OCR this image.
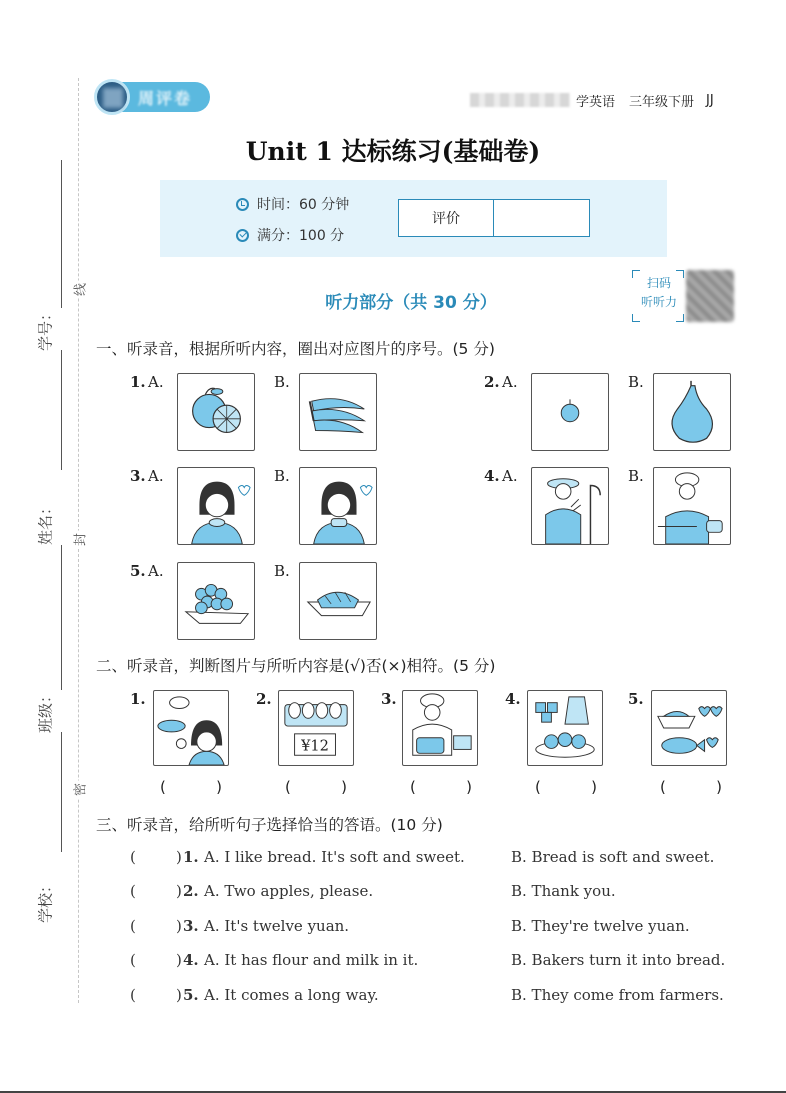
线
封
密
学号：
姓名：
班级：
学校：
周评卷	学英语 三年级下册 JJ
Unit 1 达标练习(基础卷)
时间：60 分钟
满分：100 分
评价
听力部分（共 30 分）
扫码
听听力
一、听录音，根据所听内容，圈出对应图片的序号。(5 分)
1. A.	B.	2. A.	B.
3. A.	B.	4. A.	B.
5. A.	B.
二、听录音，判断图片与所听内容是(√)否(×)相符。(5 分)
1.
(	)
2.
¥12
(	)
3.
(	)
4.
(	)
5.
(	)
三、听录音，给所听句子选择恰当的答语。(10 分)
(	) 1. A. I like bread. It's soft and sweet.	B. Bread is soft and sweet.
(	) 2. A. Two apples, please.	B. Thank you.
(	) 3. A. It's twelve yuan.	B. They're twelve yuan.
(	) 4. A. It has flour and milk in it.	B. Bakers turn it into bread.
(	) 5. A. It comes a long way.	B. They come from farmers.
